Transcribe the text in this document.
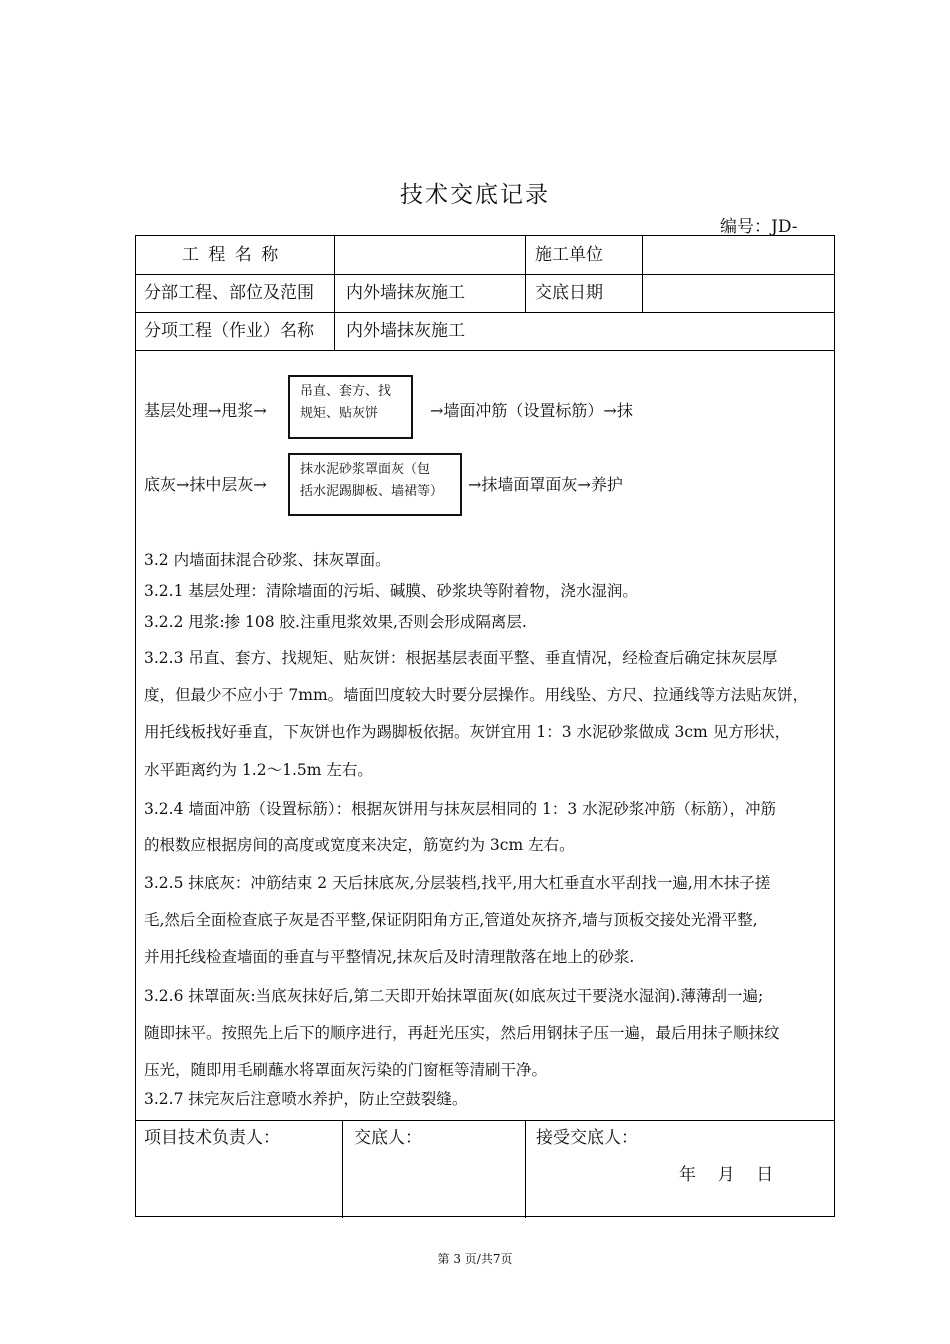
技术交底记录
编号：JD-
工 程 名 称	施工单位
分部工程、部位及范围 内外墙抹灰施工	交底日期
分项工程（作业）名称 内外墙抹灰施工
基层处理→甩浆→
吊直、套方、找
规矩、贴灰饼	→墙面冲筋（设置标筋）→抹
底灰→抹中层灰→
抹水泥砂浆罩面灰（包
括水泥踢脚板、墙裙等）	→抹墙面罩面灰→养护
3.2 内墙面抹混合砂浆、抹灰罩面。
3.2.1 基层处理：清除墙面的污垢、碱膜、砂浆块等附着物，浇水湿润。
3.2.2 甩浆:掺 108 胶.注重甩浆效果,否则会形成隔离层.
3.2.3 吊直、套方、找规矩、贴灰饼：根据基层表面平整、垂直情况，经检查后确定抹灰层厚
度，但最少不应小于 7mm。墙面凹度较大时要分层操作。用线坠、方尺、拉通线等方法贴灰饼，
用托线板找好垂直，下灰饼也作为踢脚板依据。灰饼宜用 1：3 水泥砂浆做成 3cm 见方形状，
水平距离约为 1.2～1.5m 左右。
3.2.4 墙面冲筋（设置标筋）：根据灰饼用与抹灰层相同的 1：3 水泥砂浆冲筋（标筋），冲筋
的根数应根据房间的高度或宽度来决定，筋宽约为 3cm 左右。
3.2.5 抹底灰：冲筋结束 2 天后抹底灰,分层装档,找平,用大杠垂直水平刮找一遍,用木抹子搓
毛,然后全面检查底子灰是否平整,保证阴阳角方正,管道处灰挤齐,墙与顶板交接处光滑平整,
并用托线检查墙面的垂直与平整情况,抹灰后及时清理散落在地上的砂浆.
3.2.6 抹罩面灰:当底灰抹好后,第二天即开始抹罩面灰(如底灰过干要浇水湿润).薄薄刮一遍;
随即抹平。按照先上后下的顺序进行，再赶光压实，然后用钢抹子压一遍，最后用抹子顺抹纹
压光，随即用毛刷蘸水将罩面灰污染的门窗框等清刷干净。
3.2.7 抹完灰后注意喷水养护，防止空鼓裂缝。
项目技术负责人：	交底人：	接受交底人：
年    月    日
第 3 页/共7页
